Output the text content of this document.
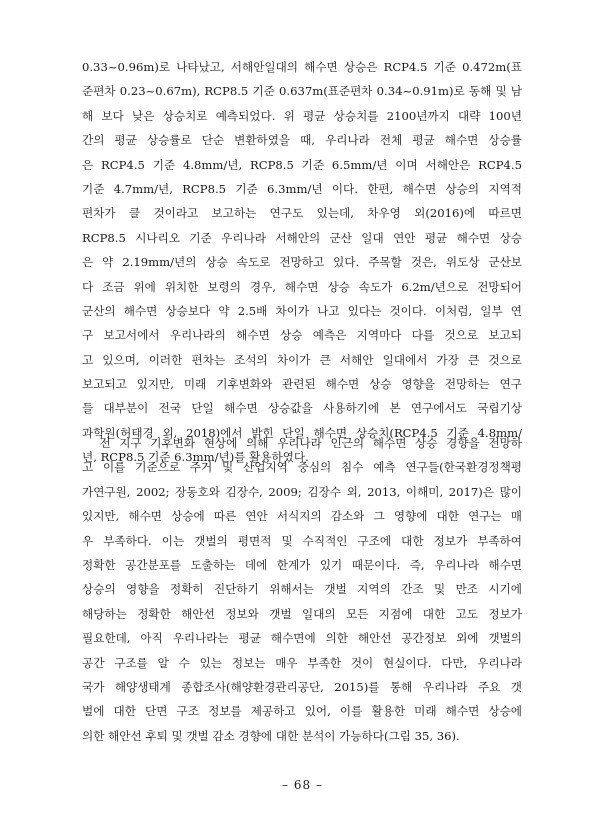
0.33~0.96m)로 나타났고, 서해안일대의 해수면 상승은 RCP4.5 기준 0.472m(표
준편차 0.23~0.67m), RCP8.5 기준 0.637m(표준편차 0.34~0.91m)로 동해 및 남
해 보다 낮은 상승치로 예측되었다. 위 평균 상승치를 2100년까지 대략 100년
간의 평균 상승률로 단순 변환하였을 때, 우리나라 전체 평균 해수면 상승률
은 RCP4.5 기준 4.8mm/년, RCP8.5 기준 6.5mm/년 이며 서해안은 RCP4.5
기준 4.7mm/년, RCP8.5 기준 6.3mm/년 이다. 한편, 해수면 상승의 지역적
편차가 클 것이라고 보고하는 연구도 있는데, 차우영 외(2016)에 따르면
RCP8.5 시나리오 기준 우리나라 서해안의 군산 일대 연안 평균 해수면 상승
은 약 2.19mm/년의 상승 속도로 전망하고 있다. 주목할 것은, 위도상 군산보
다 조금 위에 위치한 보령의 경우, 해수면 상승 속도가 6.2m/년으로 전망되어
군산의 해수면 상승보다 약 2.5배 차이가 나고 있다는 것이다. 이처럼, 일부 연
구 보고서에서 우리나라의 해수면 상승 예측은 지역마다 다를 것으로 보고되
고 있으며, 이러한 편차는 조석의 차이가 큰 서해안 일대에서 가장 큰 것으로
보고되고 있지만, 미래 기후변화와 관련된 해수면 상승 영향을 전망하는 연구
들 대부분이 전국 단일 해수면 상승값을 사용하기에 본 연구에서도 국립기상
과학원(허태경 외, 2018)에서 밝힌 단일 해수면 상승치(RCP4.5 기준 4.8mm/
년, RCP8.5 기준 6.3mm/년)를 활용하였다.
전 지구 기후변화 현상에 의해 우리나라 인근의 해수면 상승 경향을 전망하
고 이를 기준으로 주거 및 산업지역 중심의 침수 예측 연구들(한국환경정책평
가연구원, 2002; 장동호와 김장수, 2009; 김장수 외, 2013, 이해미, 2017)은 많이
있지만, 해수면 상승에 따른 연안 서식지의 감소와 그 영향에 대한 연구는 매
우 부족하다. 이는 갯벌의 평면적 및 수직적인 구조에 대한 정보가 부족하여
정확한 공간분포를 도출하는 데에 한계가 있기 때문이다. 즉, 우리나라 해수면
상승의 영향을 정확히 진단하기 위해서는 갯벌 지역의 간조 및 만조 시기에
해당하는 정확한 해안선 정보와 갯벌 일대의 모든 지점에 대한 고도 정보가
필요한데, 아직 우리나라는 평균 해수면에 의한 해안선 공간정보 외에 갯벌의
공간 구조를 알 수 있는 정보는 매우 부족한 것이 현실이다. 다만, 우리나라
국가 해양생태계 종합조사(해양환경관리공단, 2015)를 통해 우리나라 주요 갯
벌에 대한 단면 구조 정보를 제공하고 있어, 이를 활용한 미래 해수면 상승에
의한 해안선 후퇴 및 갯벌 감소 경향에 대한 분석이 가능하다(그림 35, 36).
– 68 –
